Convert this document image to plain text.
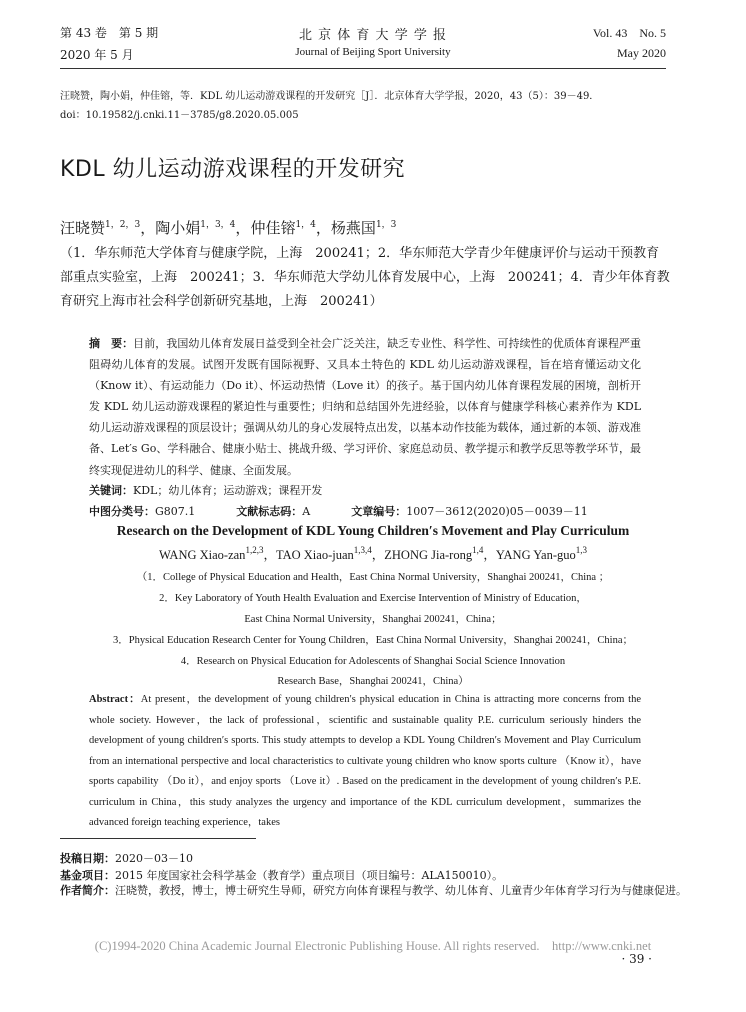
第 43 卷　第 5 期
2020 年 5 月
北 京 体 育 大 学 学 报
Journal of Beijing Sport University
Vol. 43　No. 5
May 2020
汪晓赞，陶小娟，仲佳镕，等．KDL 幼儿运动游戏课程的开发研究［J］．北京体育大学学报，2020，43（5）：39－49．
doi：10.19582/j.cnki.11－3785/g8.2020.05.005
KDL 幼儿运动游戏课程的开发研究
汪晓赞$^{1,2,3}$，陶小娟$^{1,3,4}$，仲佳镕$^{1,4}$，杨燕国$^{1,3}$
（1．华东师范大学体育与健康学院，上海　200241；2．华东师范大学青少年健康评价与运动干预教育部重点实验室，上海　200241；3．华东师范大学幼儿体育发展中心，上海　200241；4．青少年体育教育研究上海市社会科学创新研究基地，上海　200241）
摘　要：目前，我国幼儿体育发展日益受到全社会广泛关注，缺乏专业性、科学性、可持续性的优质体育课程严重阻碍幼儿体育的发展。试图开发既有国际视野、又具本土特色的 KDL 幼儿运动游戏课程，旨在培育懂运动文化（Know it）、有运动能力（Do it）、怀运动热情（Love it）的孩子。基于国内幼儿体育课程发展的困境，剖析开发 KDL 幼儿运动游戏课程的紧迫性与重要性；归纳和总结国外先进经验，以体育与健康学科核心素养作为 KDL 幼儿运动游戏课程的顶层设计；强调从幼儿的身心发展特点出发，以基本动作技能为载体，通过新的本领、游戏准备、Let′s Go、学科融合、健康小贴士、挑战升级、学习评价、家庭总动员、教学提示和教学反思等教学环节，最终实现促进幼儿的科学、健康、全面发展。
关键词：KDL；幼儿体育；运动游戏；课程开发
中图分类号：G807.1	文献标志码：A	文章编号：1007－3612(2020)05－0039－11
Research on the Development of KDL Young Children′s Movement and Play Curriculum
WANG Xiao-zan$^{1,2,3}$，TAO Xiao-juan$^{1,3,4}$，ZHONG Jia-rong$^{1,4}$，YANG Yan-guo$^{1,3}$
（1．College of Physical Education and Health，East China Normal University，Shanghai 200241，China ；
2．Key Laboratory of Youth Health Evaluation and Exercise Intervention of Ministry of Education，
East China Normal University，Shanghai 200241，China；
3．Physical Education Research Center for Young Children，East China Normal University，Shanghai 200241，China；
4．Research on Physical Education for Adolescents of Shanghai Social Science Innovation
Research Base，Shanghai 200241，China）
Abstract：At present，the development of young children′s physical education in China is attracting more concerns from the whole society. However，the lack of professional，scientific and sustainable quality P.E. curriculum seriously hinders the development of young children′s sports. This study attempts to develop a KDL Young Children′s Movement and Play Curriculum from an international perspective and local characteristics to cultivate young children who know sports culture （Know it），have sports capability （Do it），and enjoy sports （Love it）. Based on the predicament in the development of young children′s P.E. curriculum in China，this study analyzes the urgency and importance of the KDL curriculum development，summarizes the advanced foreign teaching experience，takes
投稿日期：2020－03－10
基金项目：2015 年度国家社会科学基金（教育学）重点项目（项目编号：ALA150010）。
作者简介：汪晓赞，教授，博士，博士研究生导师，研究方向体育课程与教学、幼儿体育、儿童青少年体育学习行为与健康促进。
(C)1994-2020 China Academic Journal Electronic Publishing House. All rights reserved.　http://www.cnki.net
· 39 ·
